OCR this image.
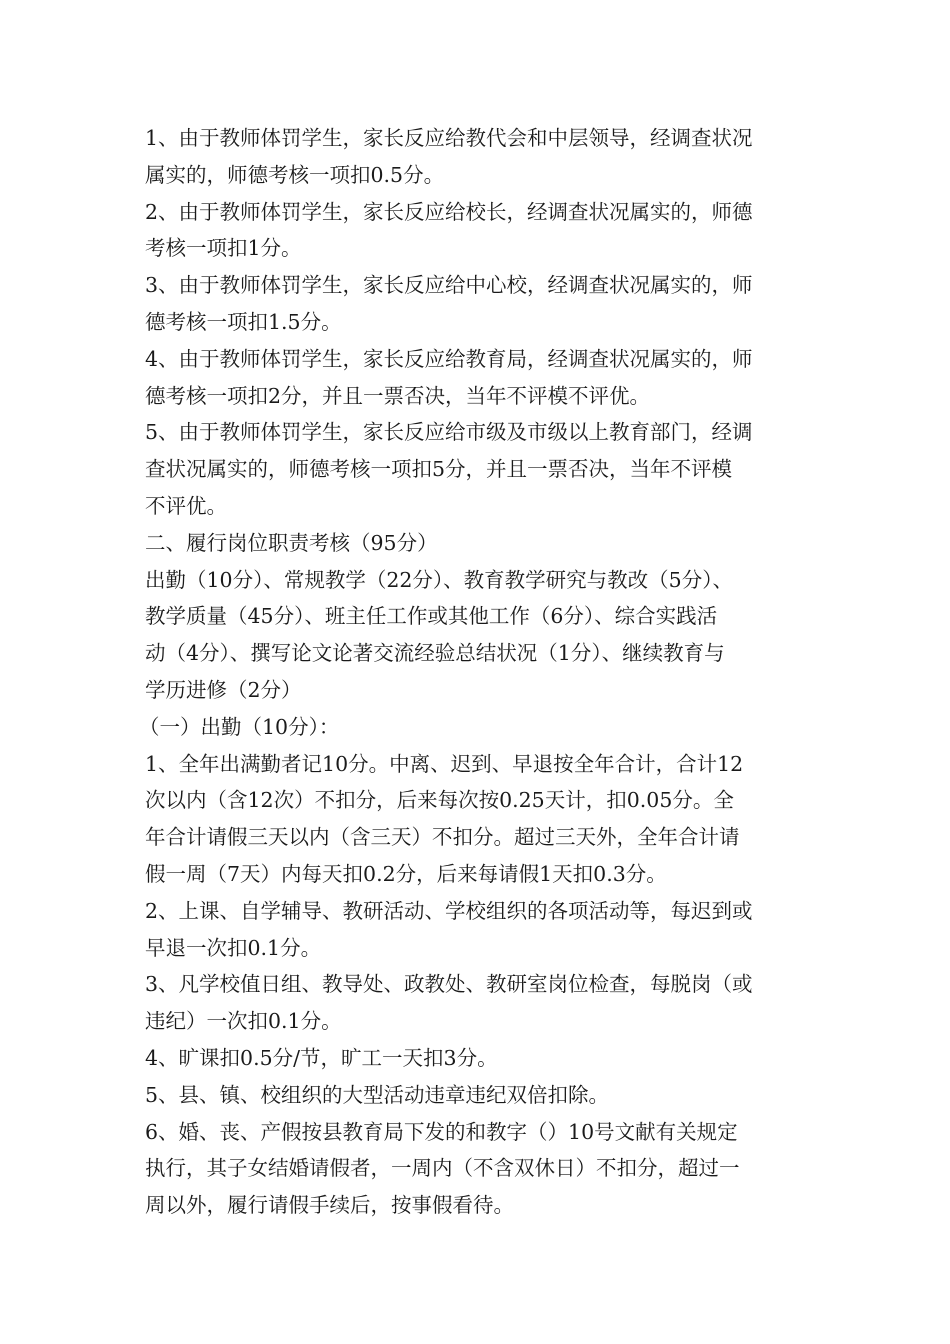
1、由于教师体罚学生，家长反应给教代会和中层领导，经调查状况
属实的，师德考核一项扣0.5分。
2、由于教师体罚学生，家长反应给校长，经调查状况属实的，师德
考核一项扣1分。
3、由于教师体罚学生，家长反应给中心校，经调查状况属实的，师
德考核一项扣1.5分。
4、由于教师体罚学生，家长反应给教育局，经调查状况属实的，师
德考核一项扣2分，并且一票否决，当年不评模不评优。
5、由于教师体罚学生，家长反应给市级及市级以上教育部门，经调
查状况属实的，师德考核一项扣5分，并且一票否决，当年不评模
不评优。
二、履行岗位职责考核（95分）
出勤（10分）、常规教学（22分）、教育教学研究与教改（5分）、
教学质量（45分）、班主任工作或其他工作（6分）、综合实践活
动（4分）、撰写论文论著交流经验总结状况（1分）、继续教育与
学历进修（2分）
（一）出勤（10分）：
1、全年出满勤者记10分。中离、迟到、早退按全年合计，合计12
次以内（含12次）不扣分，后来每次按0.25天计，扣0.05分。全
年合计请假三天以内（含三天）不扣分。超过三天外，全年合计请
假一周（7天）内每天扣0.2分，后来每请假1天扣0.3分。
2、上课、自学辅导、教研活动、学校组织的各项活动等，每迟到或
早退一次扣0.1分。
3、凡学校值日组、教导处、政教处、教研室岗位检查，每脱岗（或
违纪）一次扣0.1分。
4、旷课扣0.5分/节，旷工一天扣3分。
5、县、镇、校组织的大型活动违章违纪双倍扣除。
6、婚、丧、产假按县教育局下发的和教字（）10号文献有关规定
执行，其子女结婚请假者，一周内（不含双休日）不扣分，超过一
周以外，履行请假手续后，按事假看待。
